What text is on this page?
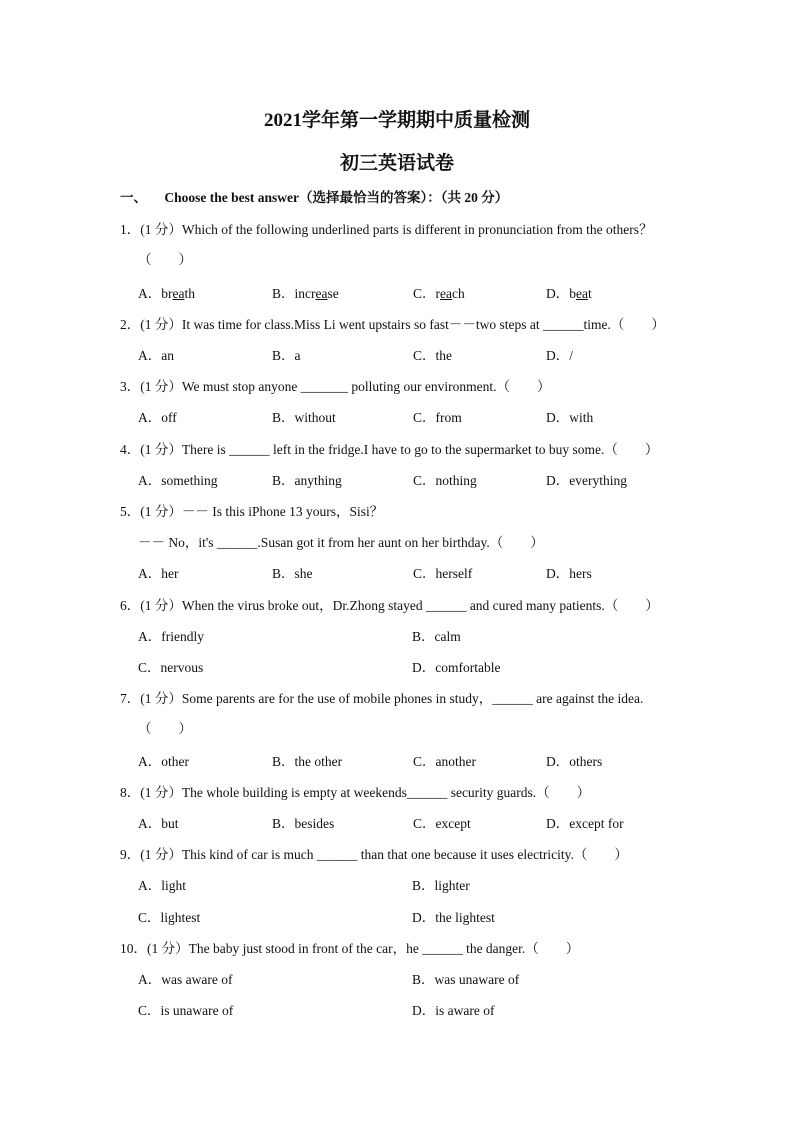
2021学年第一学期期中质量检测
初三英语试卷
一、 Choose the best answer（选择最恰当的答案）：（共 20 分）
1．(1 分）Which of the following underlined parts is different in pronunciation from the others？
（　　）
A．breath	B．increase	C．reach	D．beat
2．(1 分）It was time for class.Miss Li went upstairs so fast－－two steps at ______time.（　　）
A．an	B．a	C．the	D．/
3．(1 分）We must stop anyone _______ polluting our environment.（　　）
A．off	B．without	C．from	D．with
4．(1 分）There is ______ left in the fridge.I have to go to the supermarket to buy some.（　　）
A．something	B．anything	C．nothing	D．everything
5．(1 分）－－ Is this iPhone 13 yours，Sisi？
－－ No，it's ______.Susan got it from her aunt on her birthday.（　　）
A．her	B．she	C．herself	D．hers
6．(1 分）When the virus broke out，Dr.Zhong stayed ______ and cured many patients.（　　）
A．friendly	B．calm
C．nervous	D．comfortable
7．(1 分）Some parents are for the use of mobile phones in study，______ are against the idea.
（　　）
A．other	B．the other	C．another	D．others
8．(1 分）The whole building is empty at weekends______ security guards.（　　）
A．but	B．besides	C．except	D．except for
9．(1 分）This kind of car is much ______ than that one because it uses electricity.（　　）
A．light	B．lighter
C．lightest	D．the lightest
10．(1 分）The baby just stood in front of the car，he ______ the danger.（　　）
A．was aware of	B．was unaware of
C．is unaware of	D．is aware of
